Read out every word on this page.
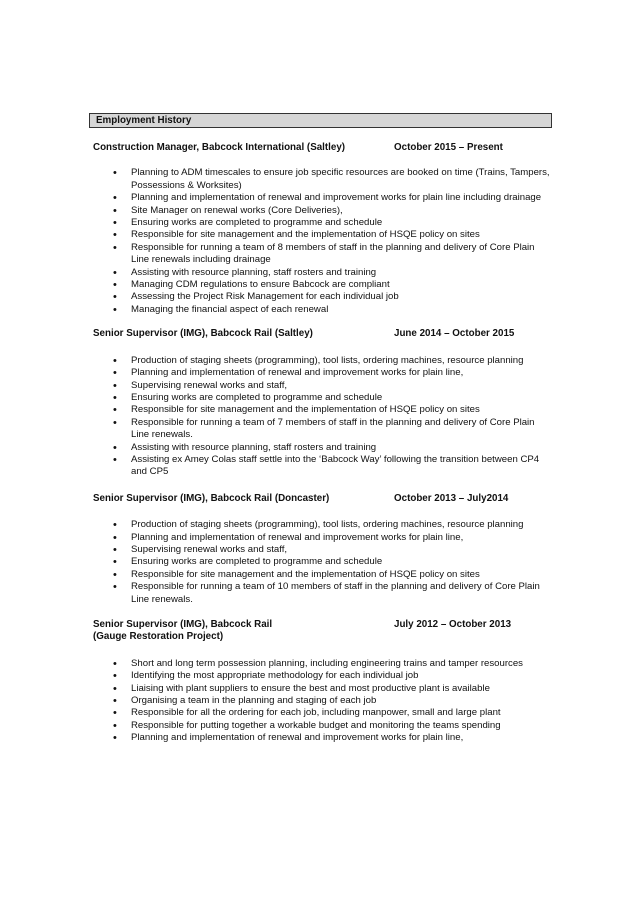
Employment History
Construction Manager, Babcock International (Saltley)	October 2015 – Present
• Planning to ADM timescales to ensure job specific resources are booked on time (Trains, Tampers, Possessions & Worksites)
• Planning and implementation of renewal and improvement works for plain line including drainage
• Site Manager on renewal works (Core Deliveries),
• Ensuring works are completed to programme and schedule
• Responsible for site management and the implementation of HSQE policy on sites
• Responsible for running a team of 8 members of staff in the planning and delivery of Core Plain Line renewals including drainage
• Assisting with resource planning, staff rosters and training
• Managing CDM regulations to ensure Babcock are compliant
• Assessing the Project Risk Management for each individual job
• Managing the financial aspect of each renewal
Senior Supervisor (IMG), Babcock Rail (Saltley)	June 2014 – October 2015
• Production of staging sheets (programming), tool lists, ordering machines, resource planning
• Planning and implementation of renewal and improvement works for plain line,
• Supervising renewal works and staff,
• Ensuring works are completed to programme and schedule
• Responsible for site management and the implementation of HSQE policy on sites
• Responsible for running a team of 7 members of staff in the planning and delivery of Core Plain Line renewals.
• Assisting with resource planning, staff rosters and training
• Assisting ex Amey Colas staff settle into the ‘Babcock Way’ following the transition between CP4 and CP5
Senior Supervisor (IMG), Babcock Rail (Doncaster)	October 2013 – July2014
• Production of staging sheets (programming), tool lists, ordering machines, resource planning
• Planning and implementation of renewal and improvement works for plain line,
• Supervising renewal works and staff,
• Ensuring works are completed to programme and schedule
• Responsible for site management and the implementation of HSQE policy on sites
• Responsible for running a team of 10 members of staff in the planning and delivery of Core Plain Line renewals.
Senior Supervisor (IMG), Babcock Rail	July 2012 – October 2013
(Gauge Restoration Project)
• Short and long term possession planning, including engineering trains and tamper resources
• Identifying the most appropriate methodology for each individual job
• Liaising with plant suppliers to ensure the best and most productive plant is available
• Organising a team in the planning and staging of each job
• Responsible for all the ordering for each job, including manpower, small and large plant
• Responsible for putting together a workable budget and monitoring the teams spending
• Planning and implementation of renewal and improvement works for plain line,
